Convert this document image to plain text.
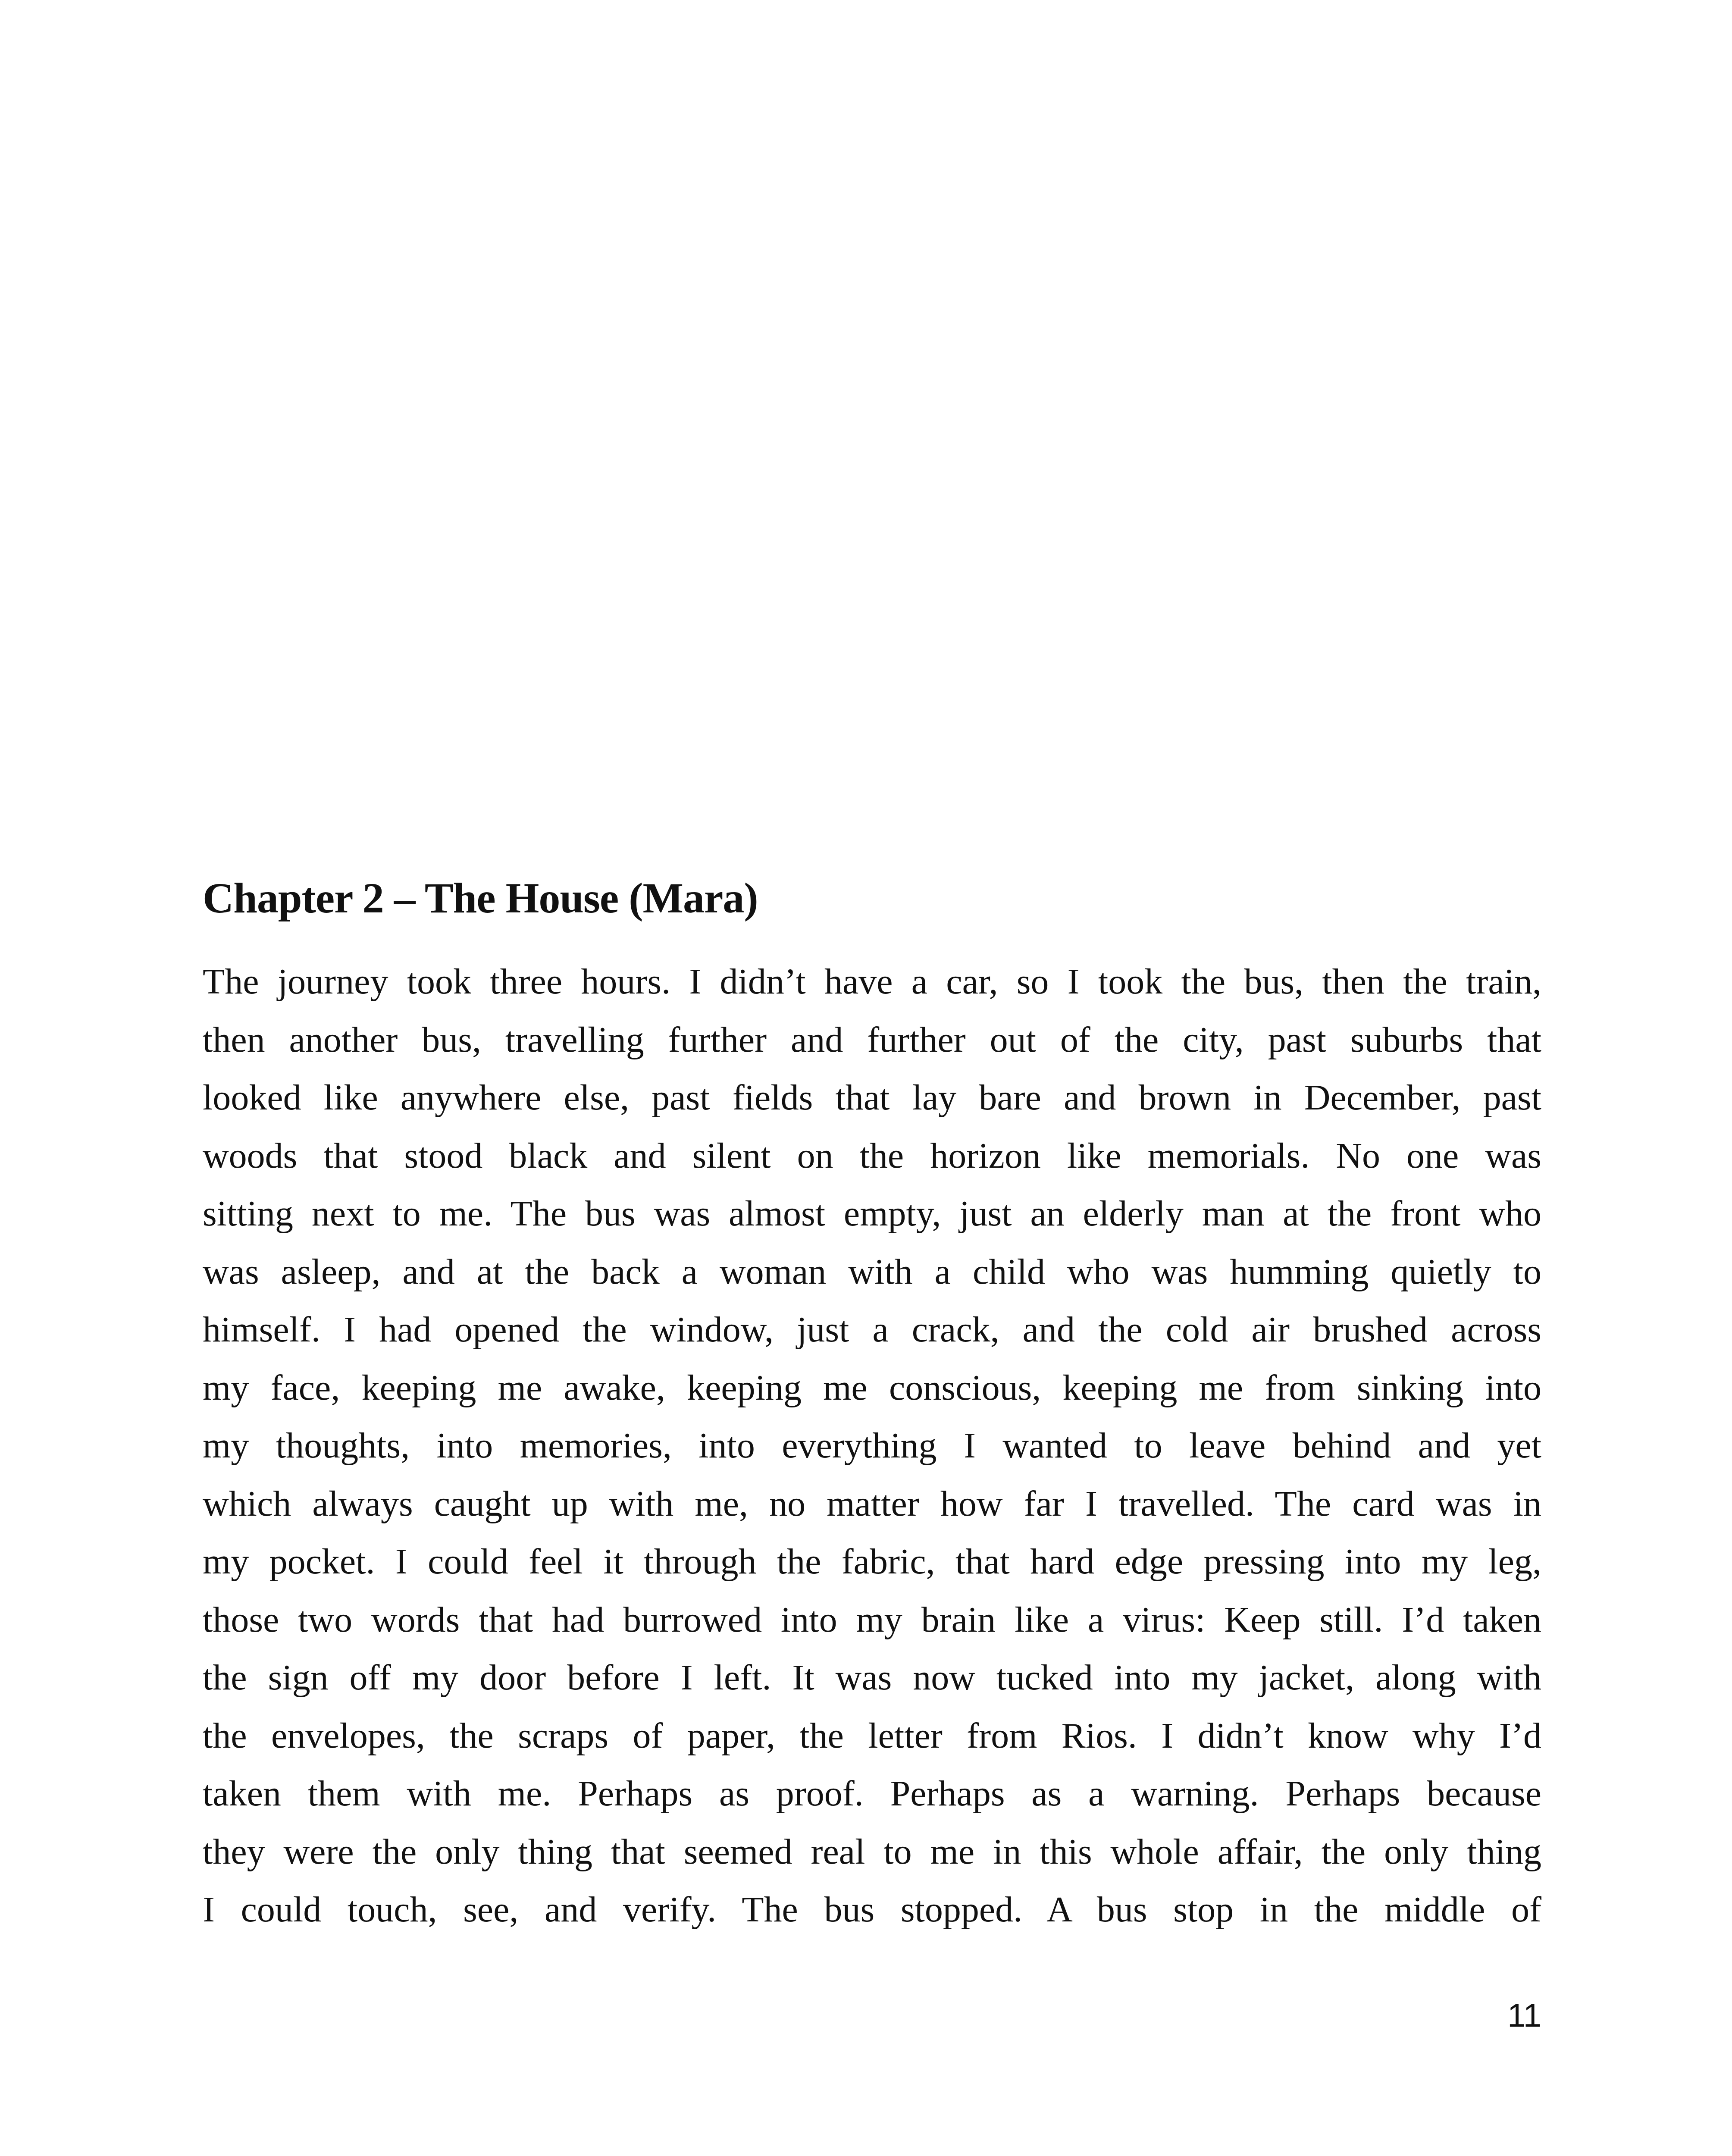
Chapter 2 – The House (Mara)
The journey took three hours. I didn’t have a car, so I took the bus, then the train,
then another bus, travelling further and further out of the city, past suburbs that
looked like anywhere else, past fields that lay bare and brown in December, past
woods that stood black and silent on the horizon like memorials. No one was
sitting next to me. The bus was almost empty, just an elderly man at the front who
was asleep, and at the back a woman with a child who was humming quietly to
himself. I had opened the window, just a crack, and the cold air brushed across
my face, keeping me awake, keeping me conscious, keeping me from sinking into
my thoughts, into memories, into everything I wanted to leave behind and yet
which always caught up with me, no matter how far I travelled. The card was in
my pocket. I could feel it through the fabric, that hard edge pressing into my leg,
those two words that had burrowed into my brain like a virus: Keep still. I’d taken
the sign off my door before I left. It was now tucked into my jacket, along with
the envelopes, the scraps of paper, the letter from Rios. I didn’t know why I’d
taken them with me. Perhaps as proof. Perhaps as a warning. Perhaps because
they were the only thing that seemed real to me in this whole affair, the only thing
I could touch, see, and verify. The bus stopped. A bus stop in the middle of
11
